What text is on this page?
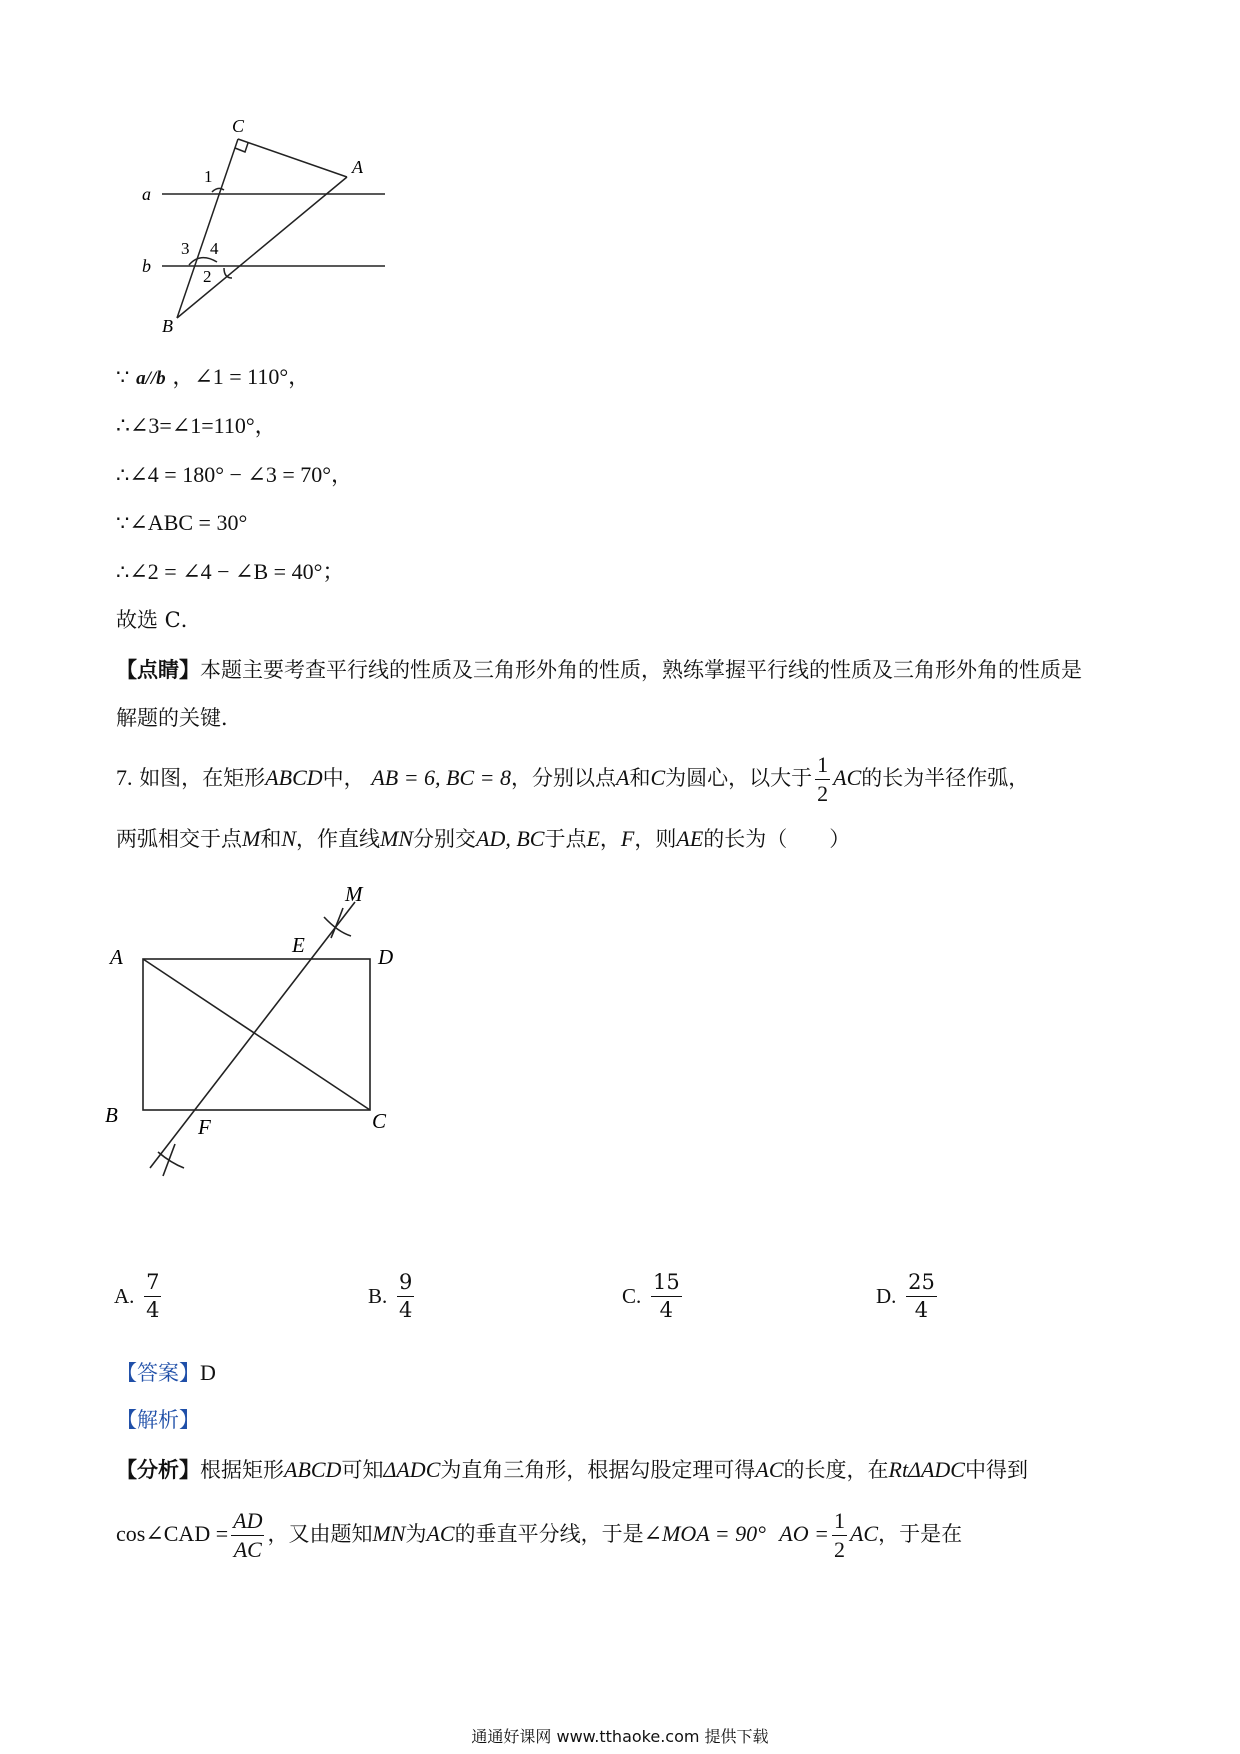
C
A
B
a
b
1
3 4
2
∵ a//b ，∠1 = 110°，
∴∠3=∠1=110°，
∴∠4 = 180° − ∠3 = 70°，
∵∠ABC = 30°
∴∠2 = ∠4 − ∠B = 40°；
故选 C．
【点睛】本题主要考查平行线的性质及三角形外角的性质，熟练掌握平行线的性质及三角形外角的性质是
解题的关键．
7. 如图，在矩形ABCD中， AB = 6, BC = 8，分别以点A和C为圆心，以大于 $\frac{1}{2}$ AC的长为半径作弧，
两弧相交于点M和N，作直线MN分别交AD, BC于点E，F，则AE的长为（　　）
M
A	E	D
B	F	C
A. $\frac{7}{4}$	B. $\frac{9}{4}$	C. $\frac{15}{4}$	D. $\frac{25}{4}$
【答案】D
【解析】
【分析】根据矩形ABCD可知ΔADC为直角三角形，根据勾股定理可得AC的长度，在RtΔADC中得到
cos∠CAD = $\frac{AD}{AC}$ ，又由题知MN为AC的垂直平分线，于是∠MOA = 90° AO = $\frac{1}{2}$ AC，于是在
通通好课网 www.tthaoke.com 提供下载
